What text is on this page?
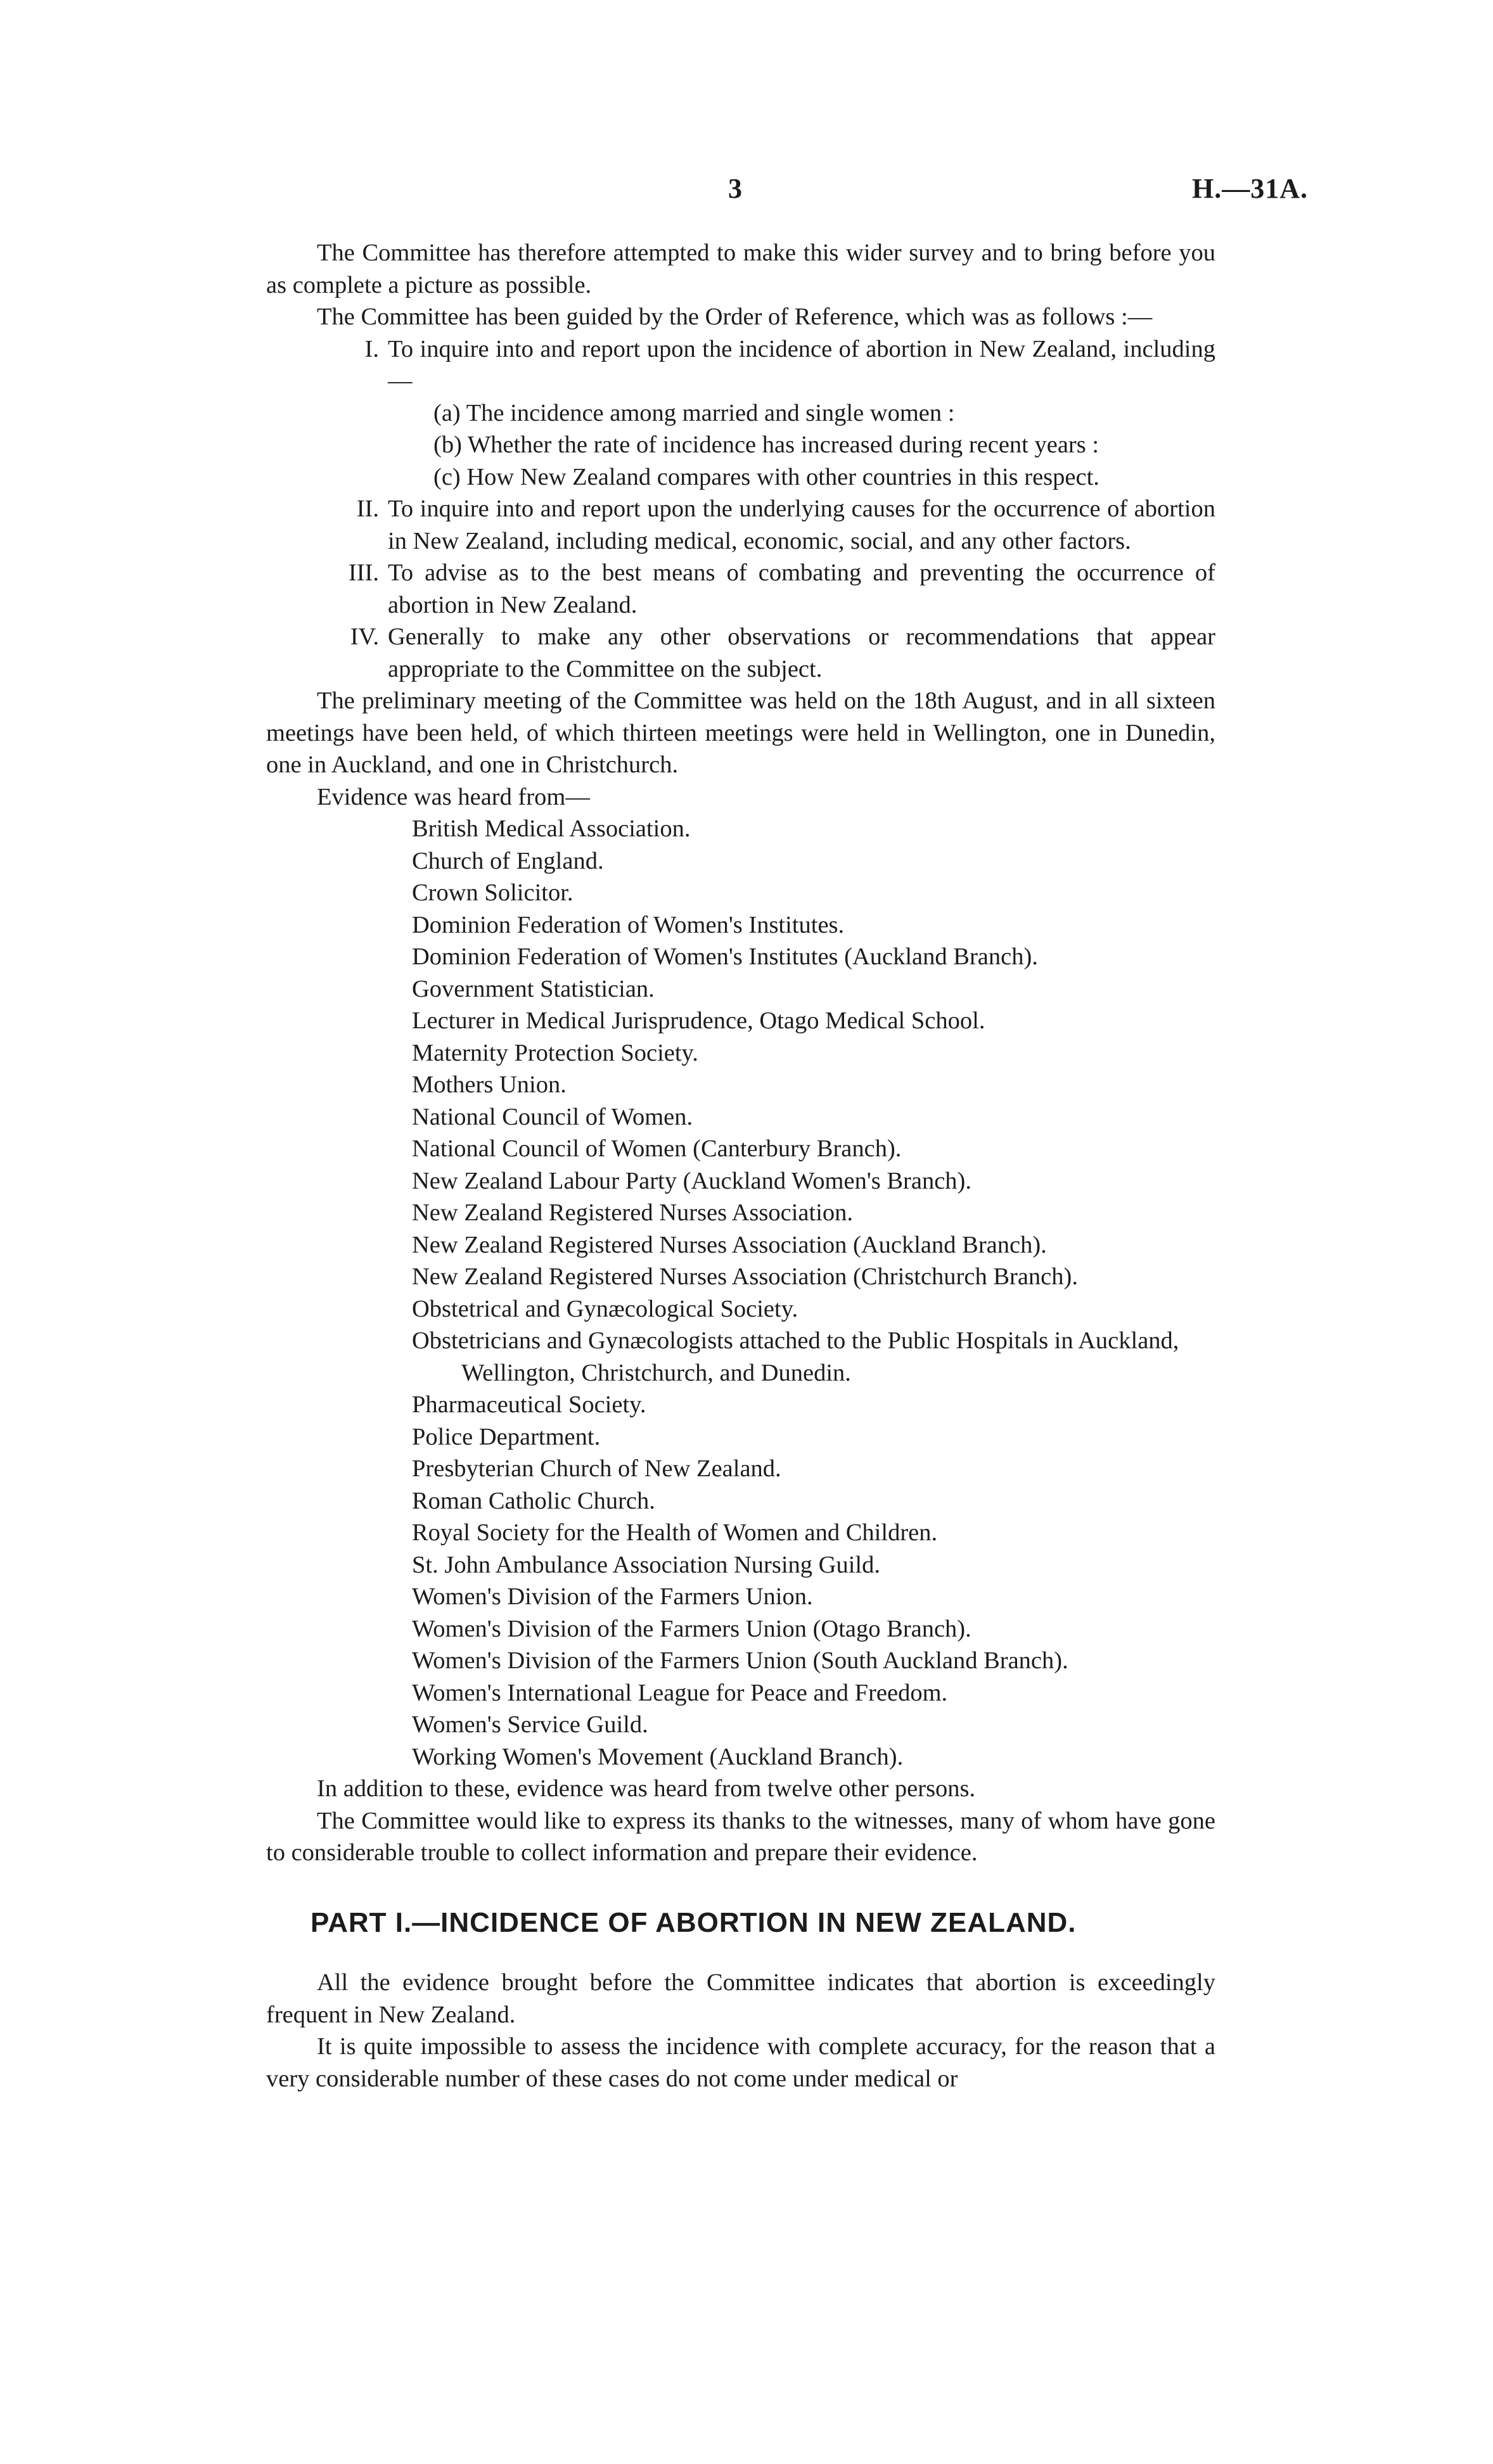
3	H.—31A.

The Committee has therefore attempted to make this wider survey and to bring before you as complete a picture as possible.

The Committee has been guided by the Order of Reference, which was as follows :—

I. To inquire into and report upon the incidence of abortion in New Zealand, including—

(a) The incidence among married and single women :

(b) Whether the rate of incidence has increased during recent years :

(c) How New Zealand compares with other countries in this respect.

II. To inquire into and report upon the underlying causes for the occurrence of abortion in New Zealand, including medical, economic, social, and any other factors.

III. To advise as to the best means of combating and preventing the occurrence of abortion in New Zealand.

IV. Generally to make any other observations or recommendations that appear appropriate to the Committee on the subject.

The preliminary meeting of the Committee was held on the 18th August, and in all sixteen meetings have been held, of which thirteen meetings were held in Wellington, one in Dunedin, one in Auckland, and one in Christchurch.

Evidence was heard from—

British Medical Association.
Church of England.
Crown Solicitor.
Dominion Federation of Women's Institutes.
Dominion Federation of Women's Institutes (Auckland Branch).
Government Statistician.
Lecturer in Medical Jurisprudence, Otago Medical School.
Maternity Protection Society.
Mothers Union.
National Council of Women.
National Council of Women (Canterbury Branch).
New Zealand Labour Party (Auckland Women's Branch).
New Zealand Registered Nurses Association.
New Zealand Registered Nurses Association (Auckland Branch).
New Zealand Registered Nurses Association (Christchurch Branch).
Obstetrical and Gynæcological Society.
Obstetricians and Gynæcologists attached to the Public Hospitals in Auckland,
Wellington, Christchurch, and Dunedin.
Pharmaceutical Society.
Police Department.
Presbyterian Church of New Zealand.
Roman Catholic Church.
Royal Society for the Health of Women and Children.
St. John Ambulance Association Nursing Guild.
Women's Division of the Farmers Union.
Women's Division of the Farmers Union (Otago Branch).
Women's Division of the Farmers Union (South Auckland Branch).
Women's International League for Peace and Freedom.
Women's Service Guild.
Working Women's Movement (Auckland Branch).

In addition to these, evidence was heard from twelve other persons.

The Committee would like to express its thanks to the witnesses, many of whom have gone to considerable trouble to collect information and prepare their evidence.

PART I.—INCIDENCE OF ABORTION IN NEW ZEALAND.

All the evidence brought before the Committee indicates that abortion is exceedingly frequent in New Zealand.

It is quite impossible to assess the incidence with complete accuracy, for the reason that a very considerable number of these cases do not come under medical or
